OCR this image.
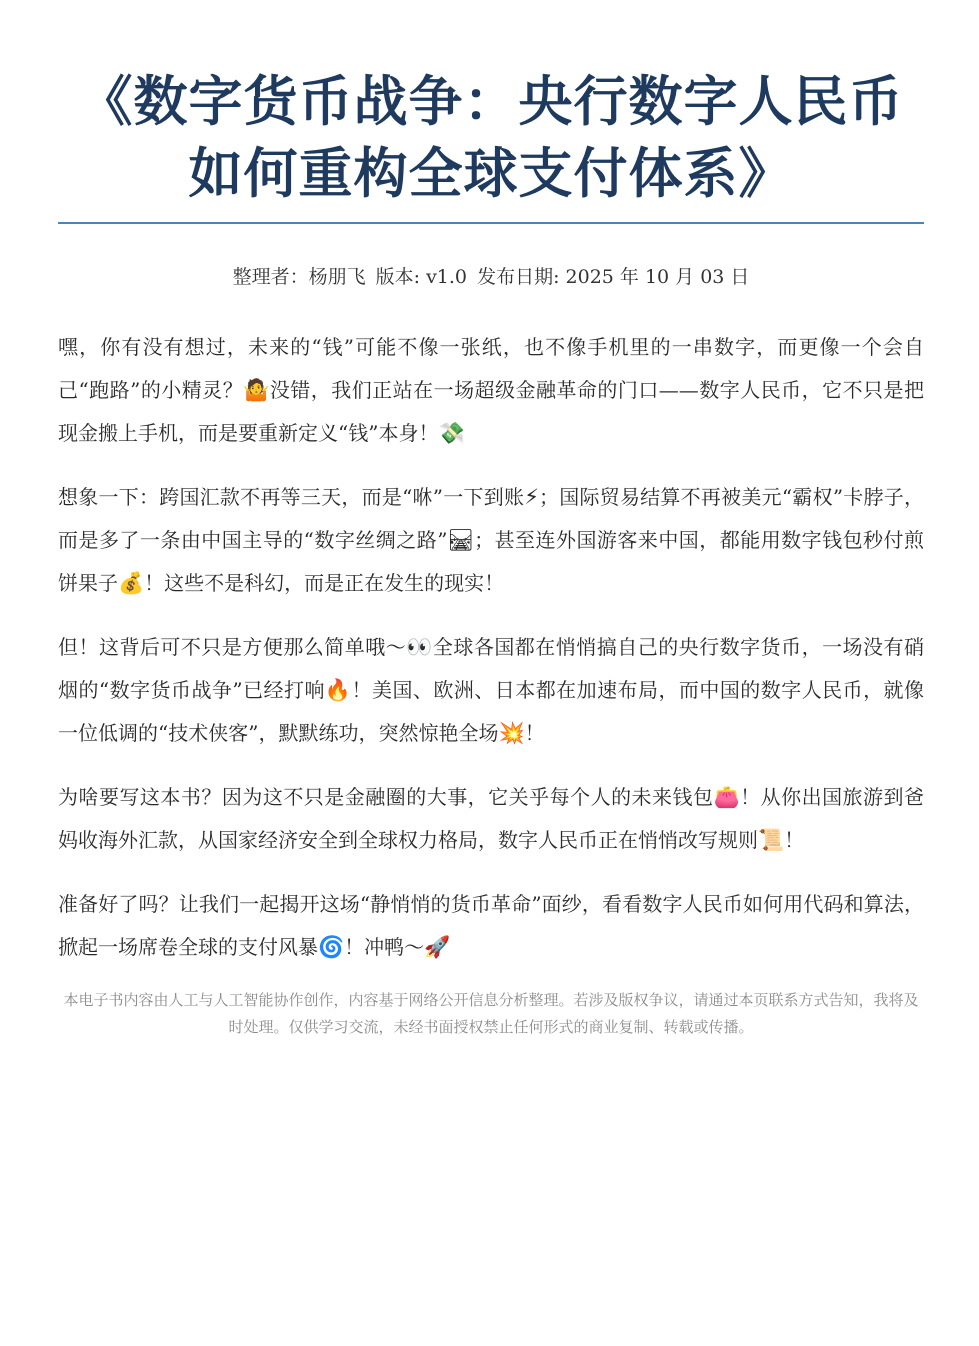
《数字货币战争：央行数字人民币
如何重构全球支付体系》
整理者：杨朋飞 版本: v1.0 发布日期: 2025 年 10 月 03 日

嘿，你有没有想过，未来的“钱”可能不像一张纸，也不像手机里的一串数字，而更像一个会自己“跑路”的小精灵？🤷没错，我们正站在一场超级金融革命的门口——数字人民币，它不只是把现金搬上手机，而是要重新定义“钱”本身！💸

想象一下：跨国汇款不再等三天，而是“咻”一下到账⚡；国际贸易结算不再被美元“霸权”卡脖子，而是多了一条由中国主导的“数字丝绸之路”🛤；甚至连外国游客来中国，都能用数字钱包秒付煎饼果子💰！这些不是科幻，而是正在发生的现实！

但！这背后可不只是方便那么简单哦～👀全球各国都在悄悄搞自己的央行数字货币，一场没有硝烟的“数字货币战争”已经打响🔥！美国、欧洲、日本都在加速布局，而中国的数字人民币，就像一位低调的“技术侠客”，默默练功，突然惊艳全场💥！

为啥要写这本书？因为这不只是金融圈的大事，它关乎每个人的未来钱包👛！从你出国旅游到爸妈收海外汇款，从国家经济安全到全球权力格局，数字人民币正在悄悄改写规则📜！

准备好了吗？让我们一起揭开这场“静悄悄的货币革命”面纱，看看数字人民币如何用代码和算法，掀起一场席卷全球的支付风暴🌀！冲鸭～🚀

本电子书内容由人工与人工智能协作创作，内容基于网络公开信息分析整理。若涉及版权争议，请通过本页联系方式告知，我将及时处理。仅供学习交流，未经书面授权禁止任何形式的商业复制、转载或传播。
